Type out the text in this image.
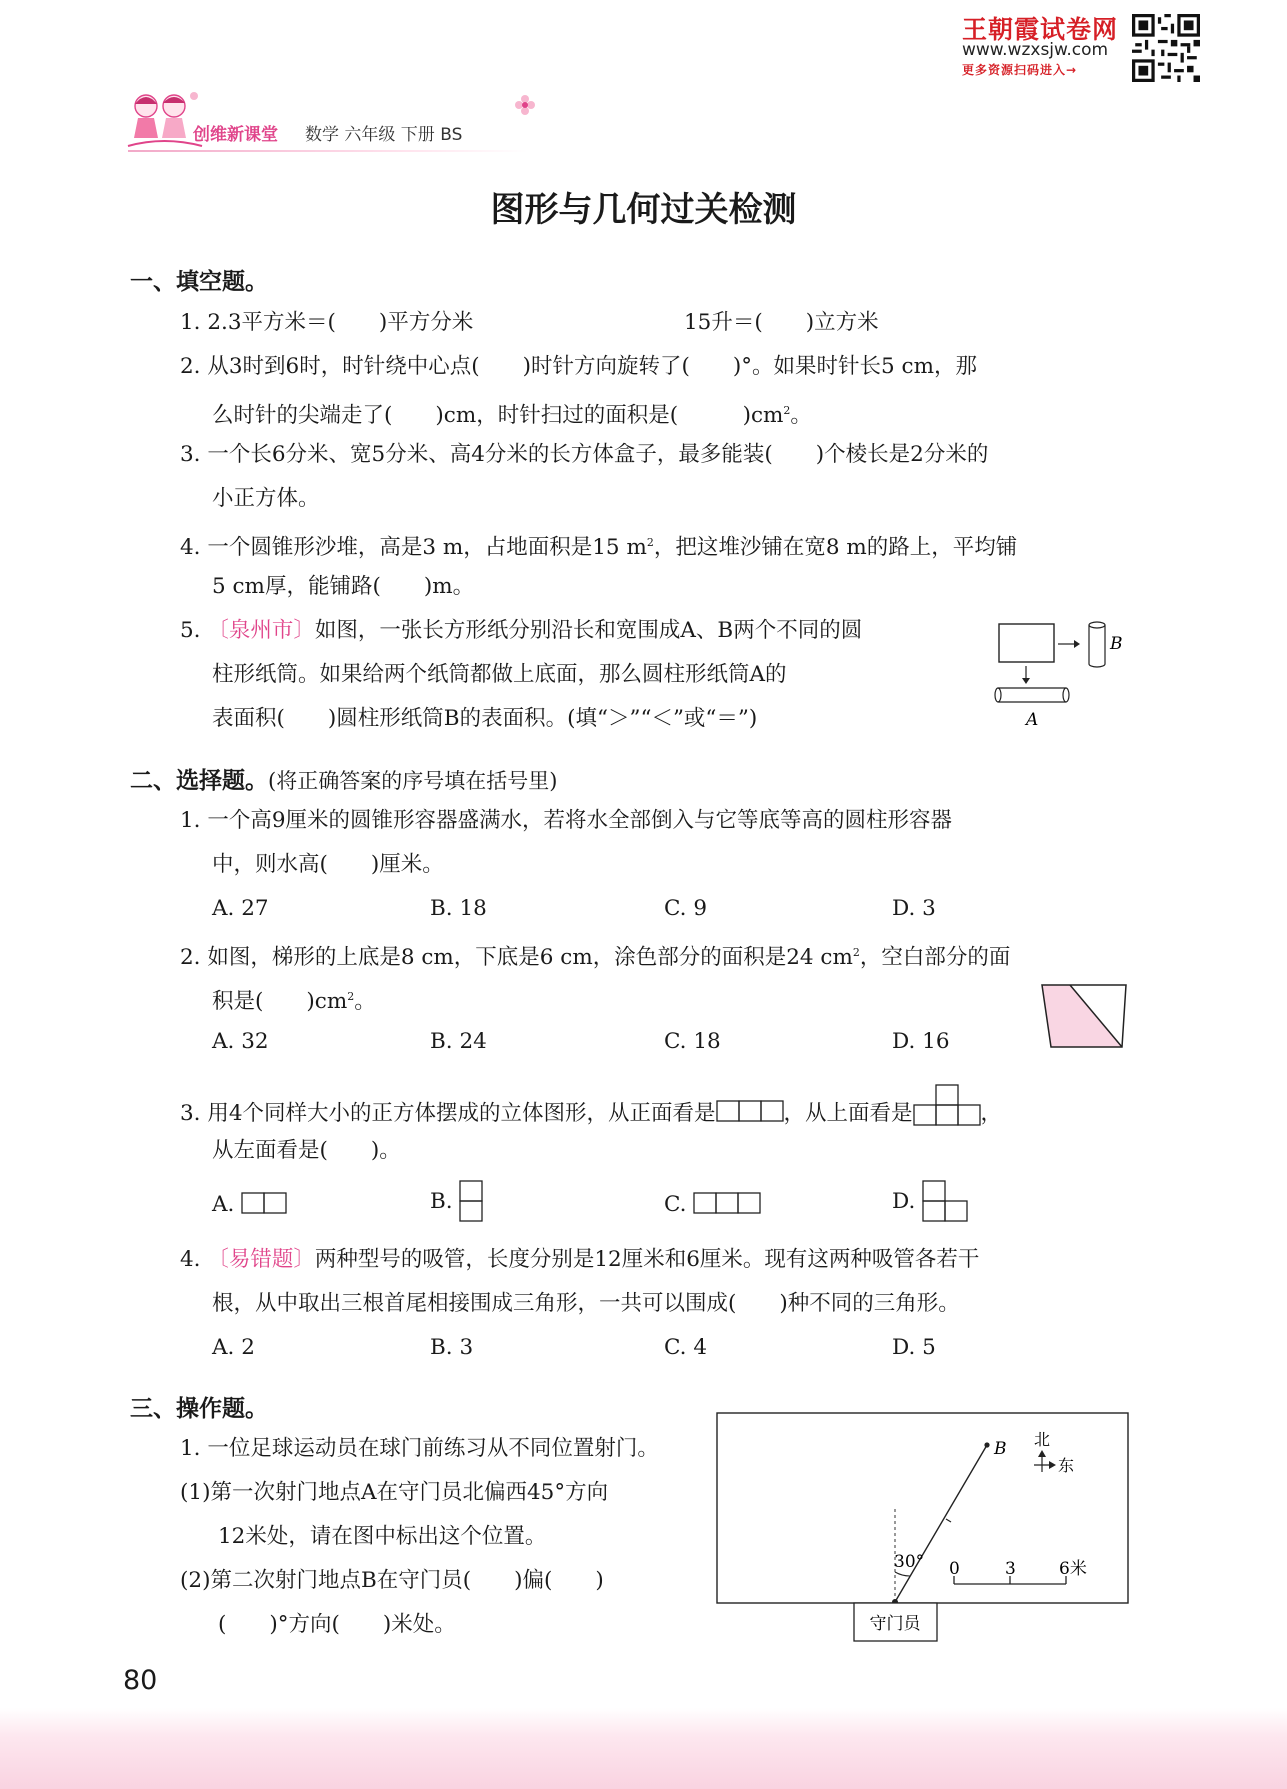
王朝霞试卷网
www.wzxsjw.com
更多资源扫码进入→
创维新课堂 数学 六年级 下册 BS
图形与几何过关检测
一、填空题。
1. 2.3平方米＝(　　)平方分米	15升＝(　　)立方米
2. 从3时到6时，时针绕中心点(　　)时针方向旋转了(　　)°。如果时针长5 cm，那
么时针的尖端走了(　　)cm，时针扫过的面积是(　　　)$cm^2$。
3. 一个长6分米、宽5分米、高4分米的长方体盒子，最多能装(　　)个棱长是2分米的
小正方体。
4. 一个圆锥形沙堆，高是3 m，占地面积是15 $m^2$，把这堆沙铺在宽8 m的路上，平均铺
5 cm厚，能铺路(　　)m。
5. 〔泉州市〕如图，一张长方形纸分别沿长和宽围成A、B两个不同的圆
柱形纸筒。如果给两个纸筒都做上底面，那么圆柱形纸筒A的
表面积(　　)圆柱形纸筒B的表面积。(填“＞”“＜”或“＝”)
B
A
二、选择题。(将正确答案的序号填在括号里)
1. 一个高9厘米的圆锥形容器盛满水，若将水全部倒入与它等底等高的圆柱形容器
中，则水高(　　)厘米。
A. 27	B. 18	C. 9	D. 3
2. 如图，梯形的上底是8 cm，下底是6 cm，涂色部分的面积是24 $cm^2$，空白部分的面
积是(　　)$cm^2$。
A. 32	B. 24	C. 18	D. 16
3. 用4个同样大小的正方体摆成的立体图形，从正面看是	，从上面看是	，
从左面看是(　　)。
A.	B.	C.	D.
4. 〔易错题〕两种型号的吸管，长度分别是12厘米和6厘米。现有这两种吸管各若干
根，从中取出三根首尾相接围成三角形，一共可以围成(　　)种不同的三角形。
A. 2	B. 3	C. 4	D. 5
三、操作题。
1. 一位足球运动员在球门前练习从不同位置射门。
(1)第一次射门地点A在守门员北偏西45°方向
12米处，请在图中标出这个位置。
(2)第二次射门地点B在守门员(　　)偏(　　)
(　　)°方向(　　)米处。
B
30°
北
东
0	3	6米
守门员
80
